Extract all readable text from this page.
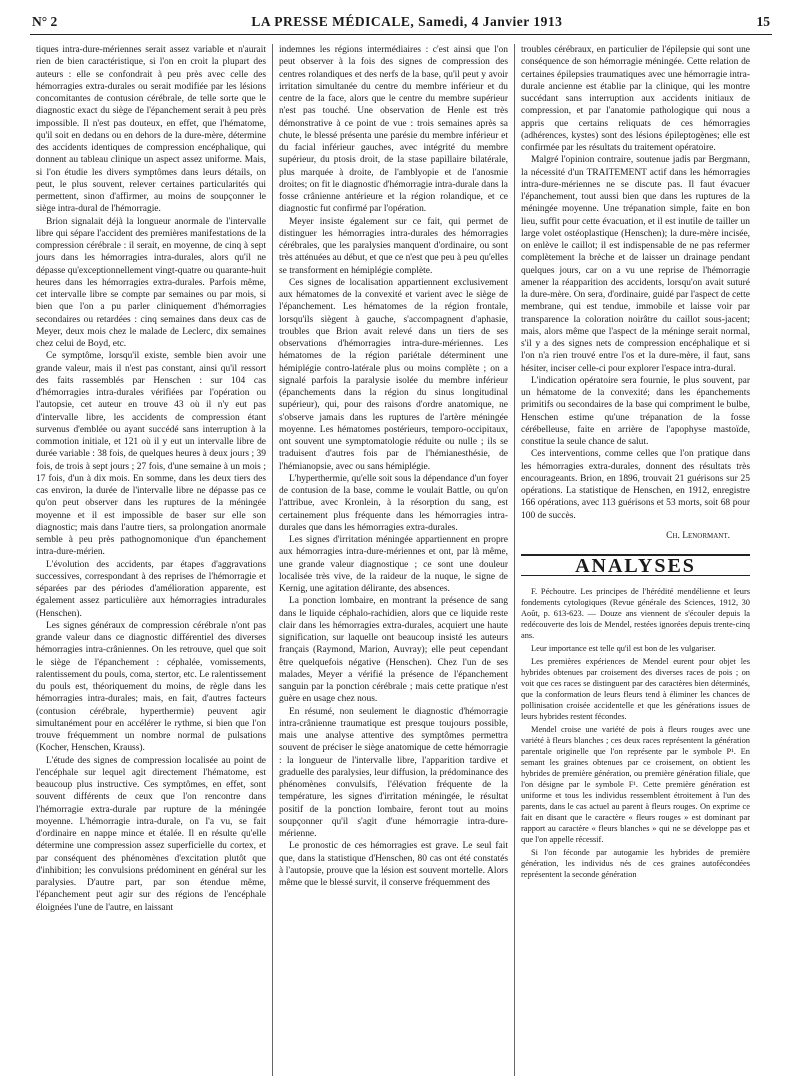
N° 2	LA PRESSE MÉDICALE, Samedi, 4 Janvier 1913	15

tiques intra-dure-mériennes serait assez variable et n'aurait rien de bien caractéristique, si l'on en croit la plupart des auteurs : elle se confondrait à peu près avec celle des hémorragies extra-durales ou serait modifiée par les lésions concomitantes de contusion cérébrale, de telle sorte que le diagnostic exact du siège de l'épanchement serait à peu près impossible. Il n'est pas douteux, en effet, que l'hématome, qu'il soit en dedans ou en dehors de la dure-mère, détermine des accidents identiques de compression encéphalique, qui donnent au tableau clinique un aspect assez uniforme. Mais, si l'on étudie les divers symptômes dans leurs détails, on peut, le plus souvent, relever certaines particularités qui permettent, sinon d'affirmer, au moins de soupçonner le siège intra-dural de l'hémorragie.

Brion signalait déjà la longueur anormale de l'intervalle libre qui sépare l'accident des premières manifestations de la compression cérébrale : il serait, en moyenne, de cinq à sept jours dans les hémorragies intra-durales, alors qu'il ne dépasse qu'exceptionnellement vingt-quatre ou quarante-huit heures dans les hémorragies extra-durales. Parfois même, cet intervalle libre se compte par semaines ou par mois, si bien que l'on a pu parler cliniquement d'hémorragies secondaires ou retardées : cinq semaines dans deux cas de Meyer, deux mois chez le malade de Leclerc, dix semaines chez celui de Boyd, etc.

Ce symptôme, lorsqu'il existe, semble bien avoir une grande valeur, mais il n'est pas constant, ainsi qu'il ressort des faits rassemblés par Henschen : sur 104 cas d'hémorragies intra-durales vérifiées par l'opération ou l'autopsie, cet auteur en trouve 43 où il n'y eut pas d'intervalle libre, les accidents de compression étant survenus d'emblée ou ayant succédé sans interruption à la commotion initiale, et 121 où il y eut un intervalle libre de durée variable : 38 fois, de quelques heures à deux jours ; 39 fois, de trois à sept jours ; 27 fois, d'une semaine à un mois ; 17 fois, d'un à dix mois. En somme, dans les deux tiers des cas environ, la durée de l'intervalle libre ne dépasse pas ce qu'on peut observer dans les ruptures de la méningée moyenne et il est impossible de baser sur elle son diagnostic; mais dans l'autre tiers, sa prolongation anormale semble à peu près pathognomonique d'un épanchement intra-dure-mérien.

L'évolution des accidents, par étapes d'aggravations successives, correspondant à des reprises de l'hémorragie et séparées par des périodes d'amélioration apparente, est également assez particulière aux hémorragies intradurales (Henschen).

Les signes généraux de compression cérébrale n'ont pas grande valeur dans ce diagnostic différentiel des diverses hémorragies intra-crâniennes. On les retrouve, quel que soit le siège de l'épanchement : céphalée, vomissements, ralentissement du pouls, coma, stertor, etc. Le ralentissement du pouls est, théoriquement du moins, de règle dans les hémorragies intra-durales; mais, en fait, d'autres facteurs (contusion cérébrale, hyperthermie) peuvent agir simultanément pour en accélérer le rythme, si bien que l'on trouve fréquemment un nombre normal de pulsations (Kocher, Henschen, Krauss).

L'étude des signes de compression localisée au point de l'encéphale sur lequel agit directement l'hématome, est beaucoup plus instructive. Ces symptômes, en effet, sont souvent différents de ceux que l'on rencontre dans l'hémorragie extra-durale par rupture de la méningée moyenne. L'hémorragie intra-durale, on l'a vu, se fait d'ordinaire en nappe mince et étalée. Il en résulte qu'elle détermine une compression assez superficielle du cortex, et par conséquent des phénomènes d'excitation plutôt que d'inhibition; les convulsions prédominent en général sur les paralysies. D'autre part, par son étendue même, l'épanchement peut agir sur des régions de l'encéphale éloignées l'une de l'autre, en laissant

indemnes les régions intermédiaires : c'est ainsi que l'on peut observer à la fois des signes de compression des centres rolandiques et des nerfs de la base, qu'il peut y avoir irritation simultanée du centre du membre inférieur et du centre de la face, alors que le centre du membre supérieur n'est pas touché. Une observation de Henle est très démonstrative à ce point de vue : trois semaines après sa chute, le blessé présenta une parésie du membre inférieur et du facial inférieur gauches, avec intégrité du membre supérieur, du ptosis droit, de la stase papillaire bilatérale, plus marquée à droite, de l'amblyopie et de l'anosmie droites; on fit le diagnostic d'hémorragie intra-durale dans la fosse crânienne antérieure et la région rolandique, et ce diagnostic fut confirmé par l'opération.

Meyer insiste également sur ce fait, qui permet de distinguer les hémorragies intra-durales des hémorragies cérébrales, que les paralysies manquent d'ordinaire, ou sont très atténuées au début, et que ce n'est que peu à peu qu'elles se transforment en hémiplégie complète.

Ces signes de localisation appartiennent exclusivement aux hématomes de la convexité et varient avec le siège de l'épanchement. Les hématomes de la région frontale, lorsqu'ils siègent à gauche, s'accompagnent d'aphasie, troubles que Brion avait relevé dans un tiers de ses observations d'hémorragies intra-dure-mériennes. Les hématomes de la région pariétale déterminent une hémiplégie contro-latérale plus ou moins complète ; on a signalé parfois la paralysie isolée du membre inférieur (épanchements dans la région du sinus longitudinal supérieur), qui, pour des raisons d'ordre anatomique, ne s'observe jamais dans les ruptures de l'artère méningée moyenne. Les hématomes postérieurs, temporo-occipitaux, ont souvent une symptomatologie réduite ou nulle ; ils se traduisent d'autres fois par de l'hémianesthésie, de l'hémianopsie, avec ou sans hémiplégie.

L'hyperthermie, qu'elle soit sous la dépendance d'un foyer de contusion de la base, comme le voulait Battle, ou qu'on l'attribue, avec Kronlein, à la résorption du sang, est certainement plus fréquente dans les hémorragies intra-durales que dans les hémorragies extra-durales.

Les signes d'irritation méningée appartiennent en propre aux hémorragies intra-dure-mériennes et ont, par là même, une grande valeur diagnostique ; ce sont une douleur localisée très vive, de la raideur de la nuque, le signe de Kernig, une agitation délirante, des absences.

La ponction lombaire, en montrant la présence de sang dans le liquide céphalo-rachidien, alors que ce liquide reste clair dans les hémorragies extra-durales, acquiert une haute signification, sur laquelle ont beaucoup insisté les auteurs français (Raymond, Marion, Auvray); elle peut cependant être quelquefois négative (Henschen). Chez l'un de ses malades, Meyer a vérifié la présence de l'épanchement sanguin par la ponction cérébrale ; mais cette pratique n'est guère en usage chez nous.

En résumé, non seulement le diagnostic d'hémorragie intra-crânienne traumatique est presque toujours possible, mais une analyse attentive des symptômes permettra souvent de préciser le siège anatomique de cette hémorragie : la longueur de l'intervalle libre, l'apparition tardive et graduelle des paralysies, leur diffusion, la prédominance des phénomènes convulsifs, l'élévation fréquente de la température, les signes d'irritation méningée, le résultat positif de la ponction lombaire, feront tout au moins soupçonner qu'il s'agit d'une hémorragie intra-dure-mérienne.

Le pronostic de ces hémorragies est grave. Le seul fait que, dans la statistique d'Henschen, 80 cas ont été constatés à l'autopsie, prouve que la lésion est souvent mortelle. Alors même que le blessé survit, il conserve fréquemment des

troubles cérébraux, en particulier de l'épilepsie qui sont une conséquence de son hémorragie méningée. Cette relation de certaines épilepsies traumatiques avec une hémorragie intra-durale ancienne est établie par la clinique, qui les montre succédant sans interruption aux accidents initiaux de compression, et par l'anatomie pathologique qui nous a appris que certains reliquats de ces hémorragies (adhérences, kystes) sont des lésions épileptogènes; elle est confirmée par les résultats du traitement opératoire.

Malgré l'opinion contraire, soutenue jadis par Bergmann, la nécessité d'un TRAITEMENT actif dans les hémorragies intra-dure-mériennes ne se discute pas. Il faut évacuer l'épanchement, tout aussi bien que dans les ruptures de la méningée moyenne. Une trépanation simple, faite en bon lieu, suffit pour cette évacuation, et il est inutile de tailler un large volet ostéoplastique (Henschen); la dure-mère incisée, on enlève le caillot; il est indispensable de ne pas refermer complètement la brèche et de laisser un drainage pendant quelques jours, car on a vu une reprise de l'hémorragie amener la réapparition des accidents, lorsqu'on avait suturé la dure-mère. On sera, d'ordinaire, guidé par l'aspect de cette membrane, qui est tendue, immobile et laisse voir par transparence la coloration noirâtre du caillot sous-jacent; mais, alors même que l'aspect de la méninge serait normal, s'il y a des signes nets de compression encéphalique et si l'on n'a rien trouvé entre l'os et la dure-mère, il faut, sans hésiter, inciser celle-ci pour explorer l'espace intra-dural.

L'indication opératoire sera fournie, le plus souvent, par un hématome de la convexité; dans les épanchements primitifs ou secondaires de la base qui compriment le bulbe, Henschen estime qu'une trépanation de la fosse cérébelleuse, faite en arrière de l'apophyse mastoïde, constitue la seule chance de salut.

Ces interventions, comme celles que l'on pratique dans les hémorragies extra-durales, donnent des résultats très encourageants. Brion, en 1896, trouvait 21 guérisons sur 25 opérations. La statistique de Henschen, en 1912, enregistre 166 opérations, avec 113 guérisons et 53 morts, soit 68 pour 100 de succès.

Ch. Lenormant.

ANALYSES

F. Péchoutre. Les principes de l'hérédité mendélienne et leurs fondements cytologiques (Revue générale des Sciences, 1912, 30 Août, p. 613-623. — Douze ans viennent de s'écouler depuis la redécouverte des lois de Mendel, restées ignorées depuis trente-cinq ans.

Leur importance est telle qu'il est bon de les vulgariser.

Les premières expériences de Mendel eurent pour objet les hybrides obtenues par croisement des diverses races de pois ; on voit que ces races se distinguent par des caractères bien déterminés, que la conformation de leurs fleurs tend à éliminer les chances de pollinisation croisée accidentelle et que les générations issues de leurs hybrides restent fécondes.

Mendel croise une variété de pois à fleurs rouges avec une variété à fleurs blanches ; ces deux races représentent la génération parentale originelle que l'on représente par le symbole P¹. En semant les graines obtenues par ce croisement, on obtient les hybrides de première génération, ou première génération filiale, que l'on désigne par le symbole F¹. Cette première génération est uniforme et tous les individus ressemblent étroitement à l'un des parents, dans le cas actuel au parent à fleurs rouges. On exprime ce fait en disant que le caractère « fleurs rouges » est dominant par rapport au caractère « fleurs blanches » qui ne se développe pas et que l'on appelle récessif.

Si l'on féconde par autogamie les hybrides de première génération, les individus nés de ces graines autofécondées représentent la seconde génération
